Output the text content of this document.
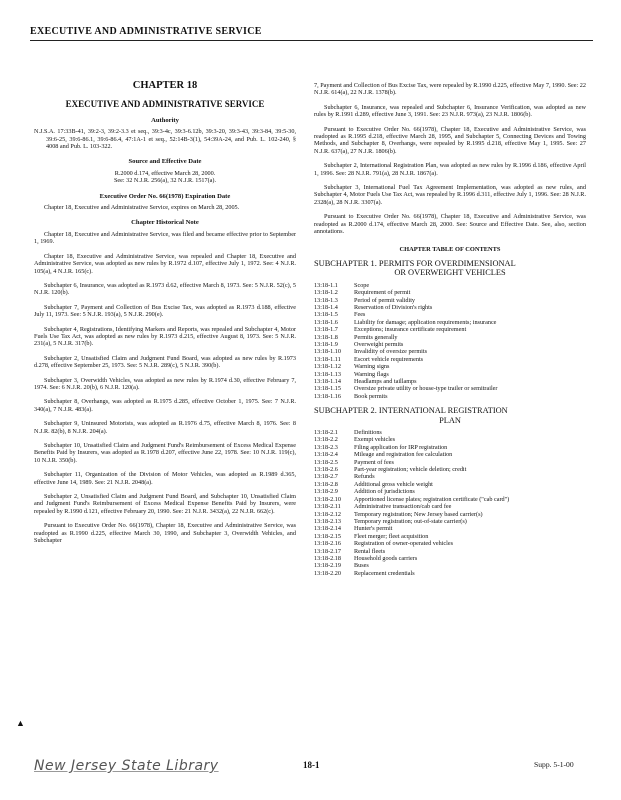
EXECUTIVE AND ADMINISTRATIVE SERVICE
CHAPTER 18
EXECUTIVE AND ADMINISTRATIVE SERVICE
Authority

N.J.S.A. 17:33B-41, 39:2-3, 39:2-3.3 et seq., 39:3-4c, 39:3-6.12b, 39:3-20, 39:3-43, 39:3-84, 39:5-30, 39:6-25, 39:6-86.1, 39:6-86.4, 47:1A-1 et seq., 52:14B-3(1), 54:39A-24, and Pub. L. 102-240, § 4008 and Pub. L. 103-322.

Source and Effective Date

R.2000 d.174, effective March 28, 2000.

See: 32 N.J.R. 256(a), 32 N.J.R. 1517(a).

Executive Order No. 66(1978) Expiration Date

Chapter 18, Executive and Administrative Service, expires on March 28, 2005.

Chapter Historical Note

Chapter 18, Executive and Administrative Service, was filed and became effective prior to September 1, 1969.

Chapter 18, Executive and Administrative Service, was repealed and Chapter 18, Executive and Administrative Service, was adopted as new rules by R.1972 d.107, effective July 1, 1972. See: 4 N.J.R. 105(a), 4 N.J.R. 165(c).

Subchapter 6, Insurance, was adopted as R.1973 d.62, effective March 8, 1973. See: 5 N.J.R. 52(c), 5 N.J.R. 120(b).

Subchapter 7, Payment and Collection of Bus Excise Tax, was adopted as R.1973 d.188, effective July 11, 1973. See: 5 N.J.R. 193(a), 5 N.J.R. 290(e).

Subchapter 4, Registrations, Identifying Markers and Reports, was repealed and Subchapter 4, Motor Fuels Use Tax Act, was adopted as new rules by R.1973 d.215, effective August 8, 1973. See: 5 N.J.R. 231(a), 5 N.J.R. 317(b).

Subchapter 2, Unsatisfied Claim and Judgment Fund Board, was adopted as new rules by R.1973 d.278, effective September 25, 1973. See: 5 N.J.R. 289(c), 5 N.J.R. 390(b).

Subchapter 3, Overwidth Vehicles, was adopted as new rules by R.1974 d.30, effective February 7, 1974. See: 6 N.J.R. 20(b), 6 N.J.R. 120(a).

Subchapter 8, Overhangs, was adopted as R.1975 d.285, effective October 1, 1975. See: 7 N.J.R. 340(a), 7 N.J.R. 483(a).

Subchapter 9, Uninsured Motorists, was adopted as R.1976 d.75, effective March 8, 1976. See: 8 N.J.R. 82(b), 8 N.J.R. 204(a).

Subchapter 10, Unsatisfied Claim and Judgment Fund's Reimbursement of Excess Medical Expense Benefits Paid by Insurers, was adopted as R.1978 d.207, effective June 22, 1978. See: 10 N.J.R. 119(c), 10 N.J.R. 350(b).

Subchapter 11, Organization of the Division of Motor Vehicles, was adopted as R.1989 d.365, effective June 14, 1989. See: 21 N.J.R. 2048(a).

Subchapter 2, Unsatisfied Claim and Judgment Fund Board, and Subchapter 10, Unsatisfied Claim and Judgment Fund's Reimbursement of Excess Medical Expense Benefits Paid by Insurers, were repealed by R.1990 d.121, effective February 20, 1990. See: 21 N.J.R. 3432(a), 22 N.J.R. 662(c).

Pursuant to Executive Order No. 66(1978), Chapter 18, Executive and Administrative Service, was readopted as R.1990 d.225, effective March 30, 1990, and Subchapter 3, Overwidth Vehicles, and Subchapter

7, Payment and Collection of Bus Excise Tax, were repealed by R.1990 d.225, effective May 7, 1990. See: 22 N.J.R. 614(a), 22 N.J.R. 1378(b).

Subchapter 6, Insurance, was repealed and Subchapter 6, Insurance Verification, was adopted as new rules by R.1991 d.289, effective June 3, 1991. See: 23 N.J.R. 973(a), 23 N.J.R. 1806(b).

Pursuant to Executive Order No. 66(1978), Chapter 18, Executive and Administrative Service, was readopted as R.1995 d.218, effective March 28, 1995, and Subchapter 5, Connecting Devices and Towing Methods, and Subchapter 8, Overhangs, were repealed by R.1995 d.218, effective May 1, 1995. See: 27 N.J.R. 637(a), 27 N.J.R. 1806(b).

Subchapter 2, International Registration Plan, was adopted as new rules by R.1996 d.186, effective April 1, 1996. See: 28 N.J.R. 791(a), 28 N.J.R. 1867(a).

Subchapter 3, International Fuel Tax Agreement Implementation, was adopted as new rules, and Subchapter 4, Motor Fuels Use Tax Act, was repealed by R.1996 d.311, effective July 1, 1996. See: 28 N.J.R. 2328(a), 28 N.J.R. 3307(a).

Pursuant to Executive Order No. 66(1978), Chapter 18, Executive and Administrative Service, was readopted as R.2000 d.174, effective March 28, 2000. See: Source and Effective Date. See, also, section annotations.

CHAPTER TABLE OF CONTENTS
SUBCHAPTER 1. PERMITS FOR OVERDIMENSIONAL
OR OVERWEIGHT VEHICLES
13:18-1.1	Scope
13:18-1.2	Requirement of permit
13:18-1.3	Period of permit validity
13:18-1.4	Reservation of Division's rights
13:18-1.5	Fees
13:18-1.6	Liability for damage; application requirements; insurance
13:18-1.7	Exceptions; insurance certificate requirement
13:18-1.8	Permits generally
13:18-1.9	Overweight permits
13:18-1.10	Invalidity of oversize permits
13:18-1.11	Escort vehicle requirements
13:18-1.12	Warning signs
13:18-1.13	Warning flags
13:18-1.14	Headlamps and taillamps
13:18-1.15	Oversize private utility or house-type trailer or semitrailer
13:18-1.16	Book permits
SUBCHAPTER 2. INTERNATIONAL REGISTRATION
PLAN
13:18-2.1	Definitions
13:18-2.2	Exempt vehicles
13:18-2.3	Filing application for IRP registration
13:18-2.4	Mileage and registration fee calculation
13:18-2.5	Payment of fees
13:18-2.6	Part-year registration; vehicle deletion; credit
13:18-2.7	Refunds
13:18-2.8	Additional gross vehicle weight
13:18-2.9	Addition of jurisdictions
13:18-2.10	Apportioned license plates; registration certificate ("cab card")
13:18-2.11	Administrative transaction/cab card fee
13:18-2.12	Temporary registration; New Jersey based carrier(s)
13:18-2.13	Temporary registration; out-of-state carrier(s)
13:18-2.14	Hunter's permit
13:18-2.15	Fleet merger; fleet acquisition
13:18-2.16	Registration of owner-operated vehicles
13:18-2.17	Rental fleets
13:18-2.18	Household goods carriers
13:18-2.19	Buses
13:18-2.20	Replacement credentials
▲
New Jersey State Library	18-1	Supp. 5-1-00
